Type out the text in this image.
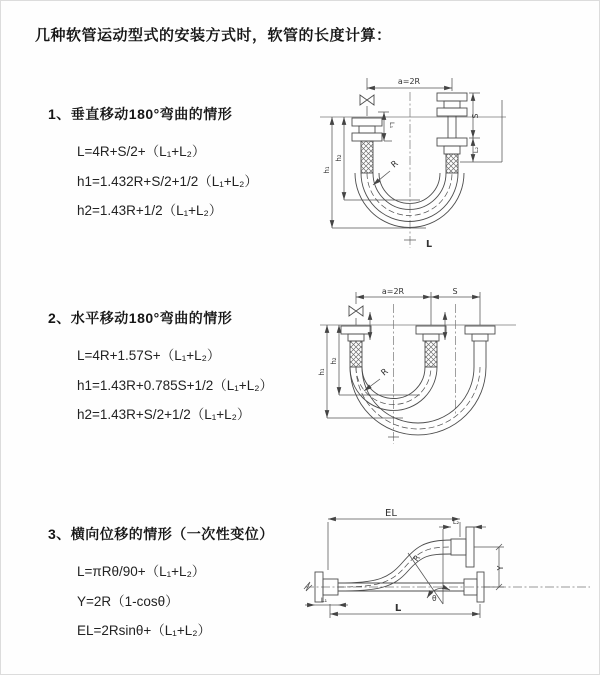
几种软管运动型式的安装方式时，软管的长度计算：
1、垂直移动180°弯曲的情形
L=4R+S/2+（L₁+L₂）
h1=1.432R+S/2+1/2（L₁+L₂）
h2=1.43R+1/2（L₁+L₂）
2、水平移动180°弯曲的情形
L=4R+1.57S+（L₁+L₂）
h1=1.43R+0.785S+1/2（L₁+L₂）
h2=1.43R+S/2+1/2（L₁+L₂）
3、横向位移的情形（一次性变位）
L=πRθ/90+（L₁+L₂）
Y=2R（1-cosθ）
EL=2Rsinθ+（L₁+L₂）
a=2R
L₁
S
L₂
h₁
h₂
R
L
a=2R	S
h₁
h₂
R
EL
L₂
Y
R
θ
L
L₁
